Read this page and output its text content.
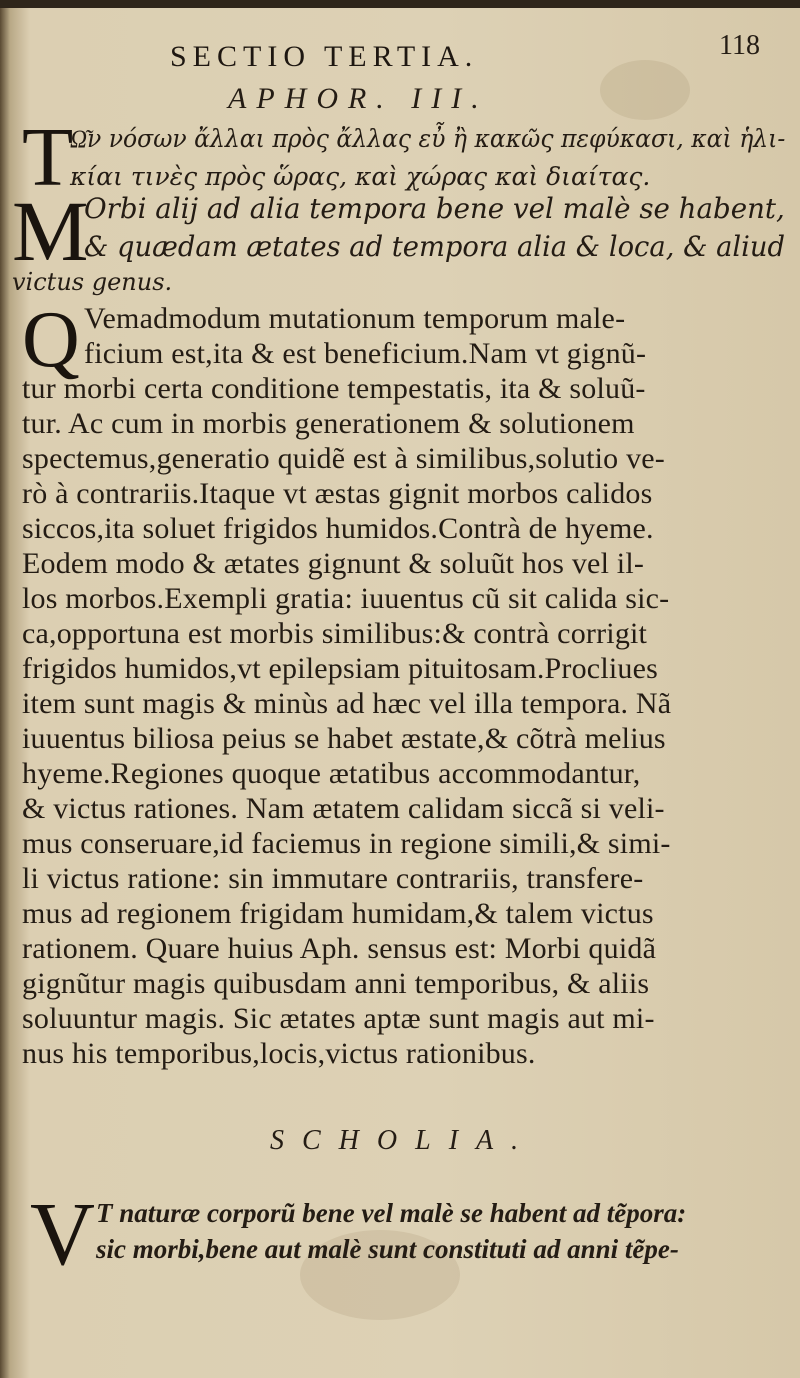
SECTIO TERTIA.	118
APHOR. III.
T
Ω͂ν νόσων ἄλλαι πρὸς ἄλλας εὖ ἢ κακῶς πεφύκασι, καὶ ἡλι-
κίαι τινὲς πρὸς ὥρας, καὶ χώρας καὶ διαίτας.
M
Orbi alij ad alia tempora bene vel malè se habent,
& quædam ætates ad tempora alia & loca, & aliud
victus genus.
Q Vemadmodum mutationum temporum male-
ficium est,ita & est beneficium.Nam vt gignũ-
tur morbi certa conditione tempestatis, ita & soluũ-
tur. Ac cum in morbis generationem & solutionem
spectemus,generatio quidẽ est à similibus,solutio ve-
rò à contrariis.Itaque vt æstas gignit morbos calidos
siccos,ita soluet frigidos humidos.Contrà de hyeme.
Eodem modo & ætates gignunt & soluũt hos vel il-
los morbos.Exempli gratia: iuuentus cũ sit calida sic-
ca,opportuna est morbis similibus:& contrà corrigit
frigidos humidos,vt epilepsiam pituitosam.Procliues
item sunt magis & minùs ad hæc vel illa tempora. Nã
iuuentus biliosa peius se habet æstate,& cõtrà melius
hyeme.Regiones quoque ætatibus accommodantur,
& victus rationes. Nam ætatem calidam siccã si veli-
mus conseruare,id faciemus in regione simili,& simi-
li victus ratione: sin immutare contrariis, transfere-
mus ad regionem frigidam humidam,& talem victus
rationem. Quare huius Aph. sensus est: Morbi quidã
gignũtur magis quibusdam anni temporibus, & aliis
soluuntur magis. Sic ætates aptæ sunt magis aut mi-
nus his temporibus,locis,victus rationibus.
SCHOLIA.
V T naturæ corporũ bene vel malè se habent ad tẽpora:
sic morbi,bene aut malè sunt constituti ad anni tẽpe-
